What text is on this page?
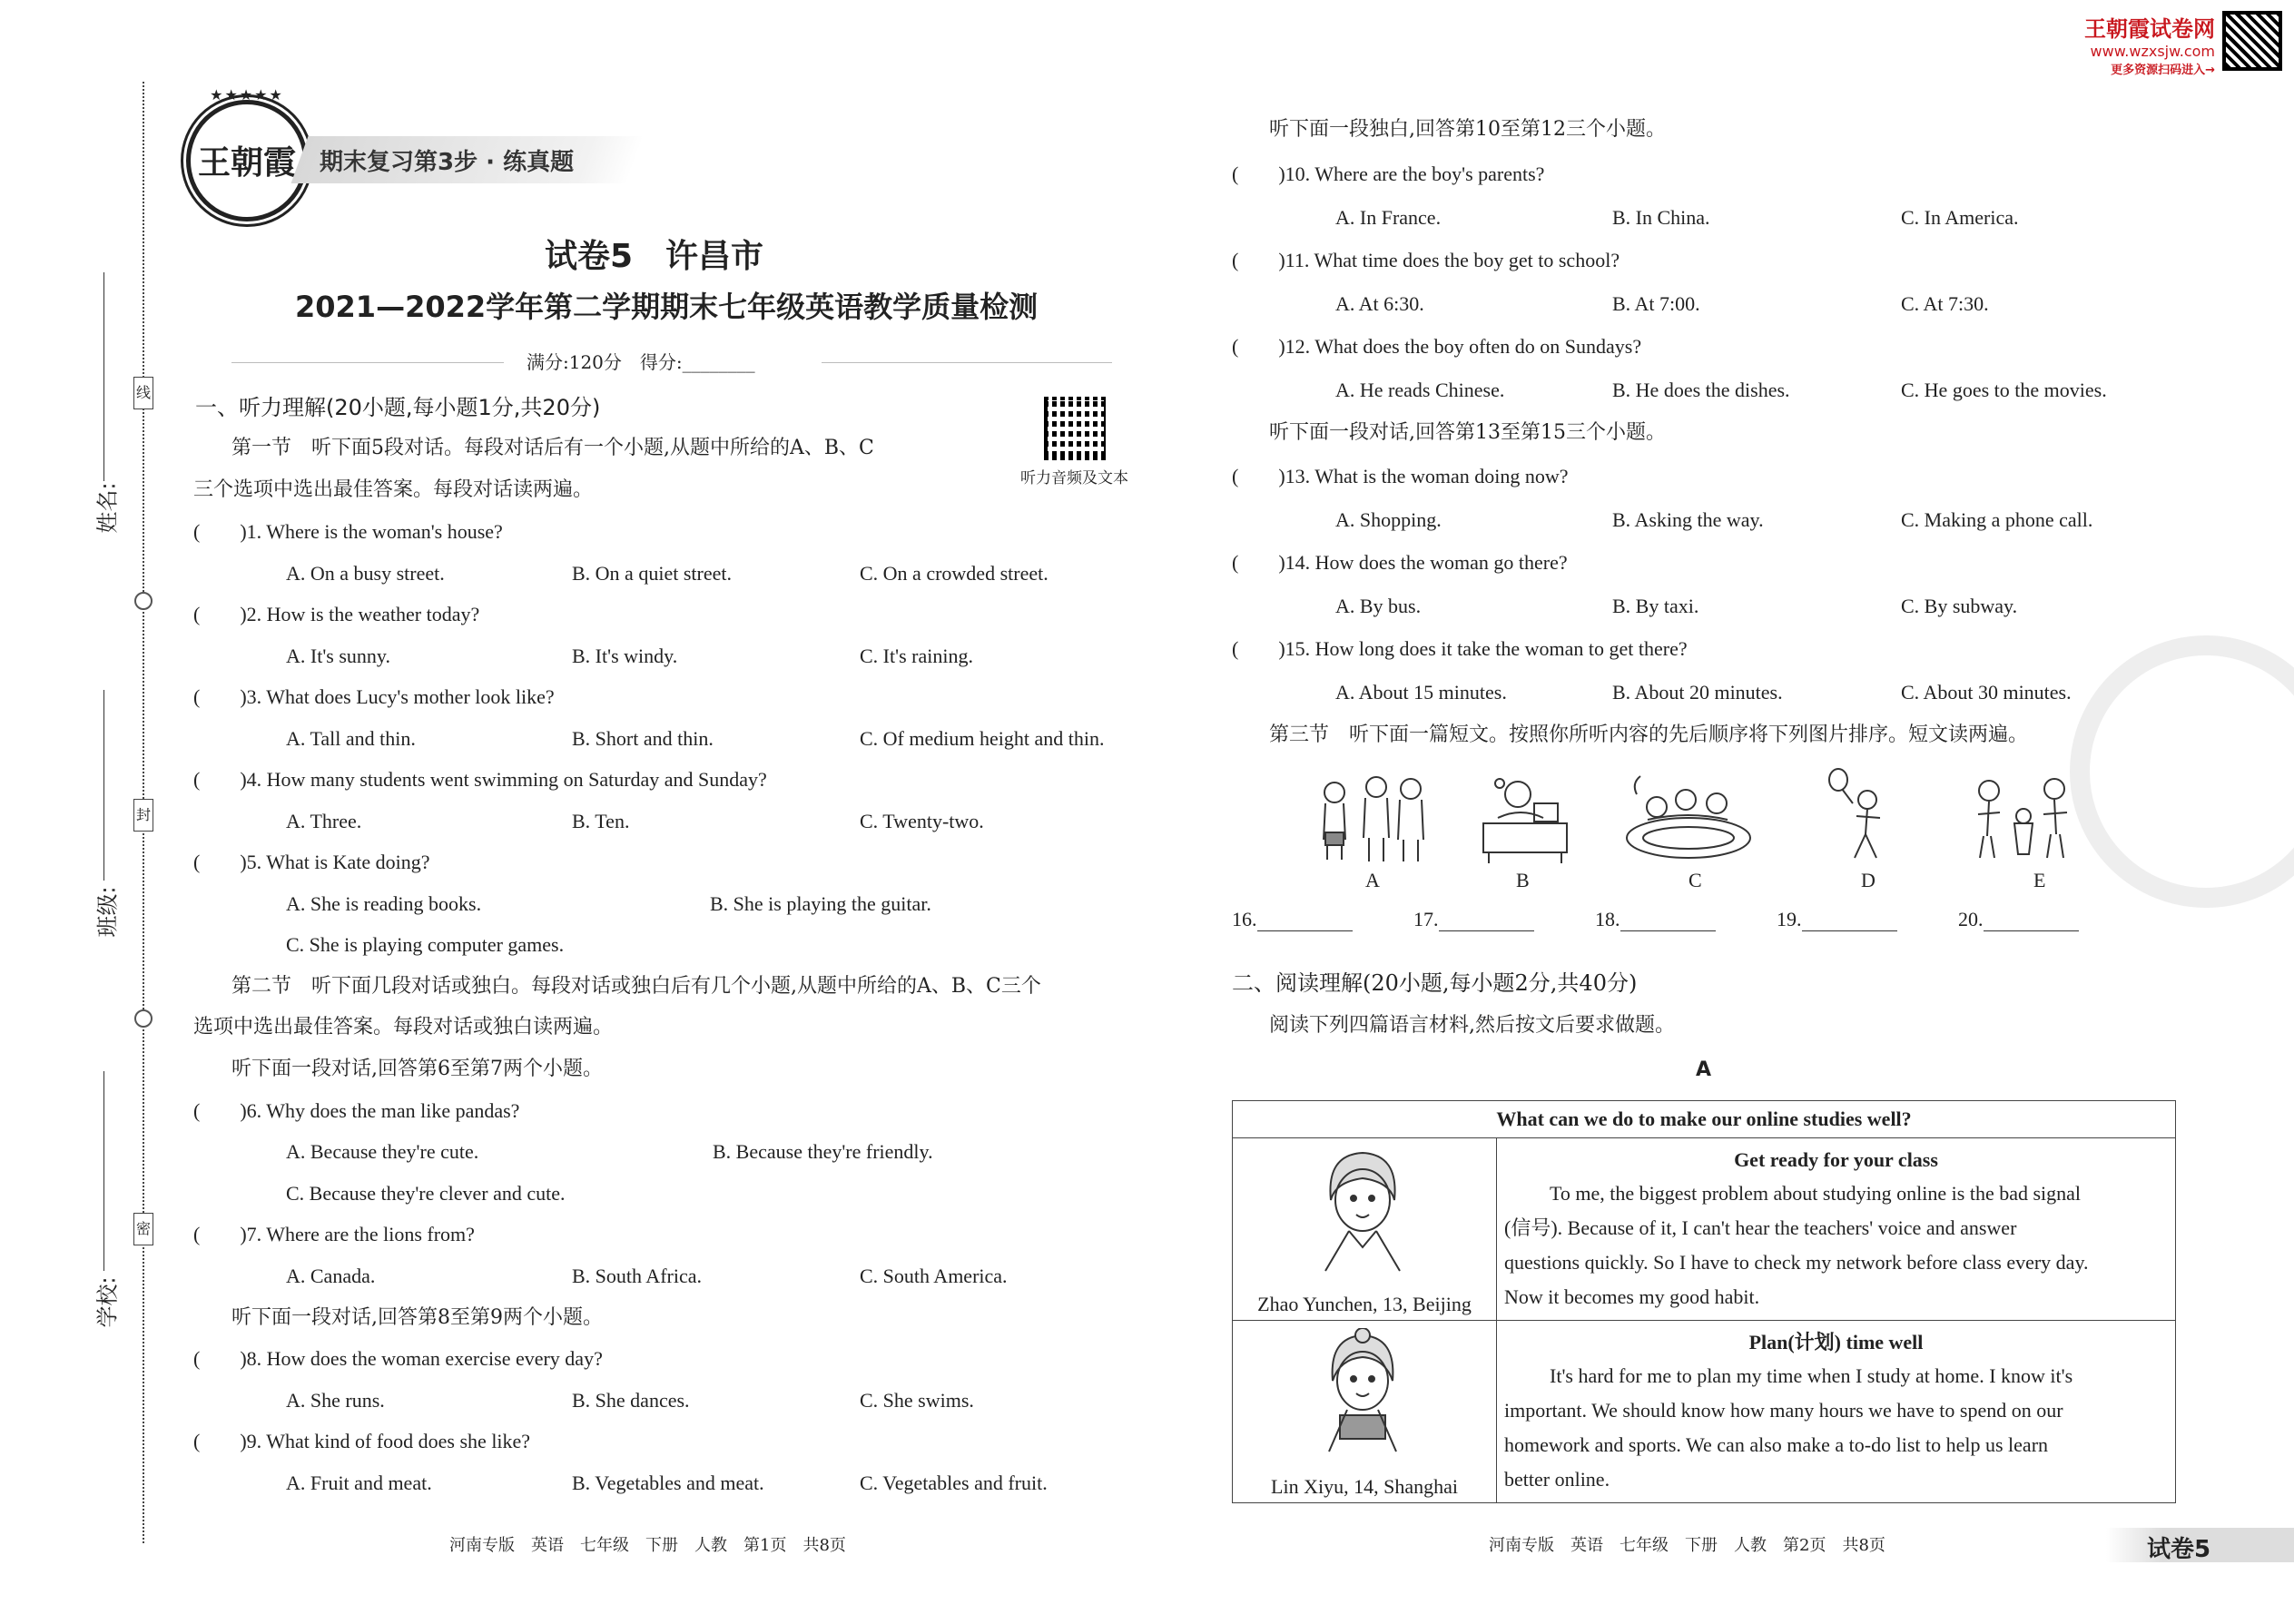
线
封
密
姓名:
班级:
学校:
★★★★★
王朝霞	期末复习第3步 · 练真题
试卷5　许昌市
2021—2022学年第二学期期末七年级英语教学质量检测
满分:120分　得分:________
一、听力理解(20小题,每小题1分,共20分)
听力音频及文本
第一节　听下面5段对话。每段对话后有一个小题,从题中所给的A、B、C
三个选项中选出最佳答案。每段对话读两遍。
(　　)1. Where is the woman's house?
A. On a busy street.	B. On a quiet street.	C. On a crowded street.
(　　)2. How is the weather today?
A. It's sunny.	B. It's windy.	C. It's raining.
(　　)3. What does Lucy's mother look like?
A. Tall and thin.	B. Short and thin.	C. Of medium height and thin.
(　　)4. How many students went swimming on Saturday and Sunday?
A. Three.	B. Ten.	C. Twenty-two.
(　　)5. What is Kate doing?
A. She is reading books.	B. She is playing the guitar.
C. She is playing computer games.
第二节　听下面几段对话或独白。每段对话或独白后有几个小题,从题中所给的A、B、C三个
选项中选出最佳答案。每段对话或独白读两遍。
听下面一段对话,回答第6至第7两个小题。
(　　)6. Why does the man like pandas?
A. Because they're cute.	B. Because they're friendly.
C. Because they're clever and cute.
(　　)7. Where are the lions from?
A. Canada.	B. South Africa.	C. South America.
听下面一段对话,回答第8至第9两个小题。
(　　)8. How does the woman exercise every day?
A. She runs.	B. She dances.	C. She swims.
(　　)9. What kind of food does she like?
A. Fruit and meat.	B. Vegetables and meat.	C. Vegetables and fruit.
河南专版　英语　七年级　下册　人教　第1页　共8页
王朝霞试卷网
www.wzxsjw.com
更多资源扫码进入→
听下面一段独白,回答第10至第12三个小题。
(　　)10. Where are the boy's parents?
A. In France.	B. In China.	C. In America.
(　　)11. What time does the boy get to school?
A. At 6:30.	B. At 7:00.	C. At 7:30.
(　　)12. What does the boy often do on Sundays?
A. He reads Chinese.	B. He does the dishes.	C. He goes to the movies.
听下面一段对话,回答第13至第15三个小题。
(　　)13. What is the woman doing now?
A. Shopping.	B. Asking the way.	C. Making a phone call.
(　　)14. How does the woman go there?
A. By bus.	B. By taxi.	C. By subway.
(　　)15. How long does it take the woman to get there?
A. About 15 minutes.	B. About 20 minutes.	C. About 30 minutes.
第三节　听下面一篇短文。按照你所听内容的先后顺序将下列图片排序。短文读两遍。
A	B	C	D	E
16.	17.	18.	19.	20.
二、阅读理解(20小题,每小题2分,共40分)
阅读下列四篇语言材料,然后按文后要求做题。
A
What can we do to make our online studies well?	

Zhao Yunchen, 13, Beijing	Get ready for your class
To me, the biggest problem about studying online is the bad signal
(信号). Because of it, I can't hear the teachers' voice and answer
questions quickly. So I have to check my network before class every day.
Now it becomes my good habit.

Lin Xiyu, 14, Shanghai	Plan(计划) time well
It's hard for me to plan my time when I study at home. I know it's
important. We should know how many hours we have to spend on our
homework and sports. We can also make a to-do list to help us learn
better online.
河南专版　英语　七年级　下册　人教　第2页　共8页	试卷5
